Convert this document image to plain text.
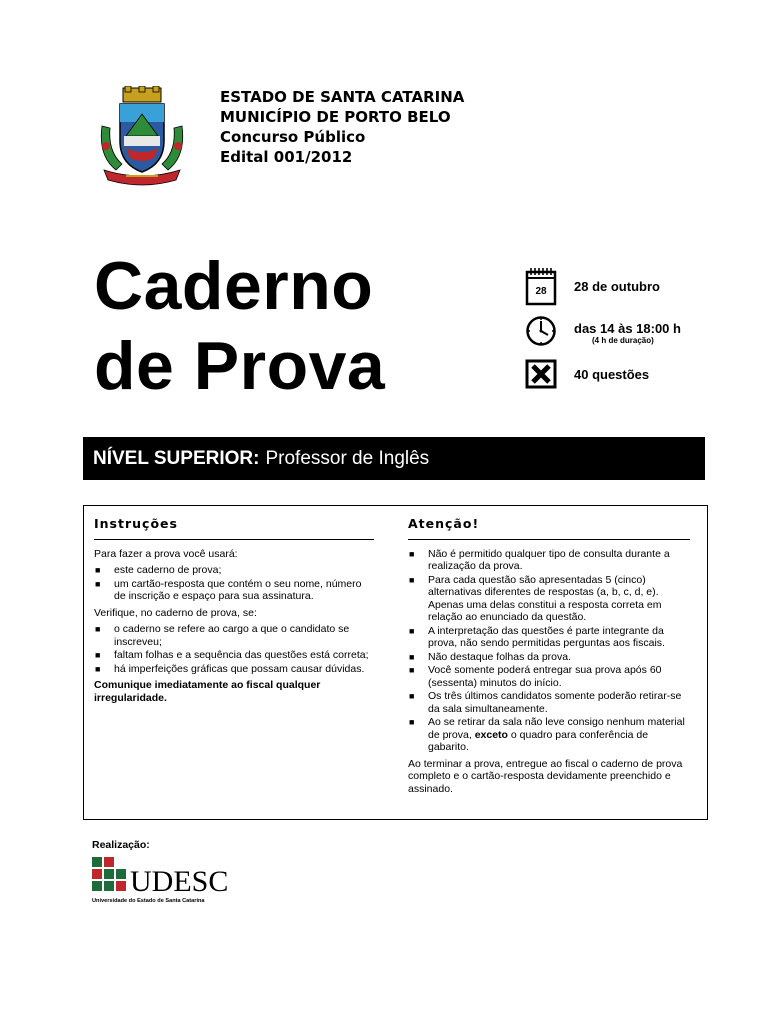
ESTADO DE SANTA CATARINA
MUNICÍPIO DE PORTO BELO
Concurso Público
Edital 001/2012
Caderno
de Prova
28 28 de outubro
das 14 às 18:00 h
(4 h de duração)
40 questões
NÍVEL SUPERIOR: Professor de Inglês
Instruções

Para fazer a prova você usará:

■ este caderno de prova;
■ um cartão-resposta que contém o seu nome, número de inscrição e espaço para sua assinatura.

Verifique, no caderno de prova, se:

■ o caderno se refere ao cargo a que o candidato se inscreveu;
■ faltam folhas e a sequência das questões está correta;
■ há imperfeições gráficas que possam causar dúvidas.

Comunique imediatamente ao fiscal qualquer irregularidade.

Atenção!
■ Não é permitido qualquer tipo de consulta durante a realização da prova.
■ Para cada questão são apresentadas 5 (cinco) alternativas diferentes de respostas (a, b, c, d, e). Apenas uma delas constitui a resposta correta em relação ao enunciado da questão.
■ A interpretação das questões é parte integrante da prova, não sendo permitidas perguntas aos fiscais.
■ Não destaque folhas da prova.
■ Você somente poderá entregar sua prova após 60 (sessenta) minutos do início.
■ Os três últimos candidatos somente poderão retirar-se da sala simultaneamente.
■ Ao se retirar da sala não leve consigo nenhum material de prova, exceto o quadro para conferência de gabarito.

Ao terminar a prova, entregue ao fiscal o caderno de prova completo e o cartão-resposta devidamente preenchido e assinado.

Realização:
UDESC
Universidade do Estado de Santa Catarina
